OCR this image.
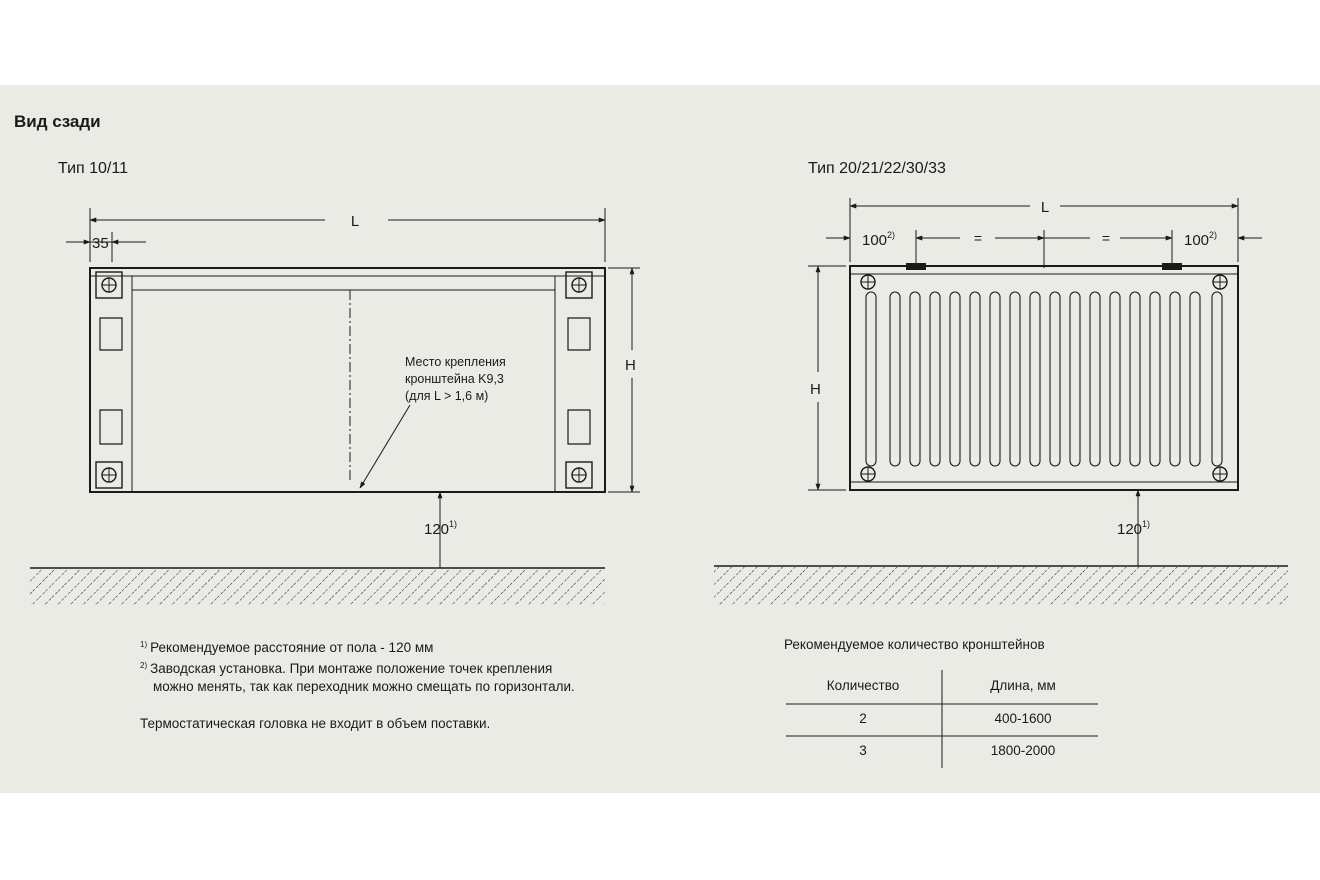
L
35
H
Место крепления
кронштейна K9,3
(для L > 1,6 м)
120$^{1)}$
L
$100^{2)}$	=	=	$100^{2)}$
H
120$^{1)}$
Вид сзади
Тип 10/11	Тип 20/21/22/30/33
$^{1)}$ Рекомендуемое расстояние от пола - 120 мм
$^{2)}$ Заводская установка. При монтаже положение точек крепления
можно менять, так как переходник можно смещать по горизонтали.
Термостатическая головка не входит в объем поставки.
Рекомендуемое количество кронштейнов
Количество	Длина, мм
2	400-1600
3	1800-2000
